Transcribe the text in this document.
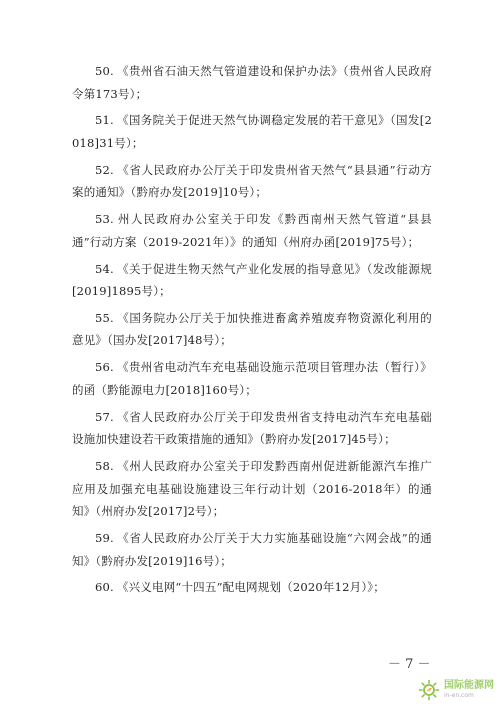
50. 《贵州省石油天然气管道建设和保护办法》（贵州省人民政府令第173号）；

51. 《国务院关于促进天然气协调稳定发展的若干意见》（国发[2018]31号）；

52. 《省人民政府办公厅关于印发贵州省天然气“县县通”行动方案的通知》（黔府办发[2019]10号）；

53. 州人民政府办公室关于印发《黔西南州天然气管道“县县通”行动方案（2019-2021年）》的通知（州府办函[2019]75号）；

54. 《关于促进生物天然气产业化发展的指导意见》（发改能源规[2019]1895号）；

55. 《国务院办公厅关于加快推进畜禽养殖废弃物资源化利用的意见》（国办发[2017]48号）；

56. 《贵州省电动汽车充电基础设施示范项目管理办法（暂行）》的函（黔能源电力[2018]160号）；

57. 《省人民政府办公厅关于印发贵州省支持电动汽车充电基础设施加快建设若干政策措施的通知》（黔府办发[2017]45号）；

58. 《州人民政府办公室关于印发黔西南州促进新能源汽车推广应用及加强充电基础设施建设三年行动计划（2016-2018年）的通知》（州府办发[2017]2号）；

59. 《省人民政府办公厅关于大力实施基础设施“六网会战”的通知》（黔府办发[2019]16号）；

60. 《兴义电网“十四五”配电网规划（2020年12月）》；

－ 7 －
国际能源网
in-en.com
